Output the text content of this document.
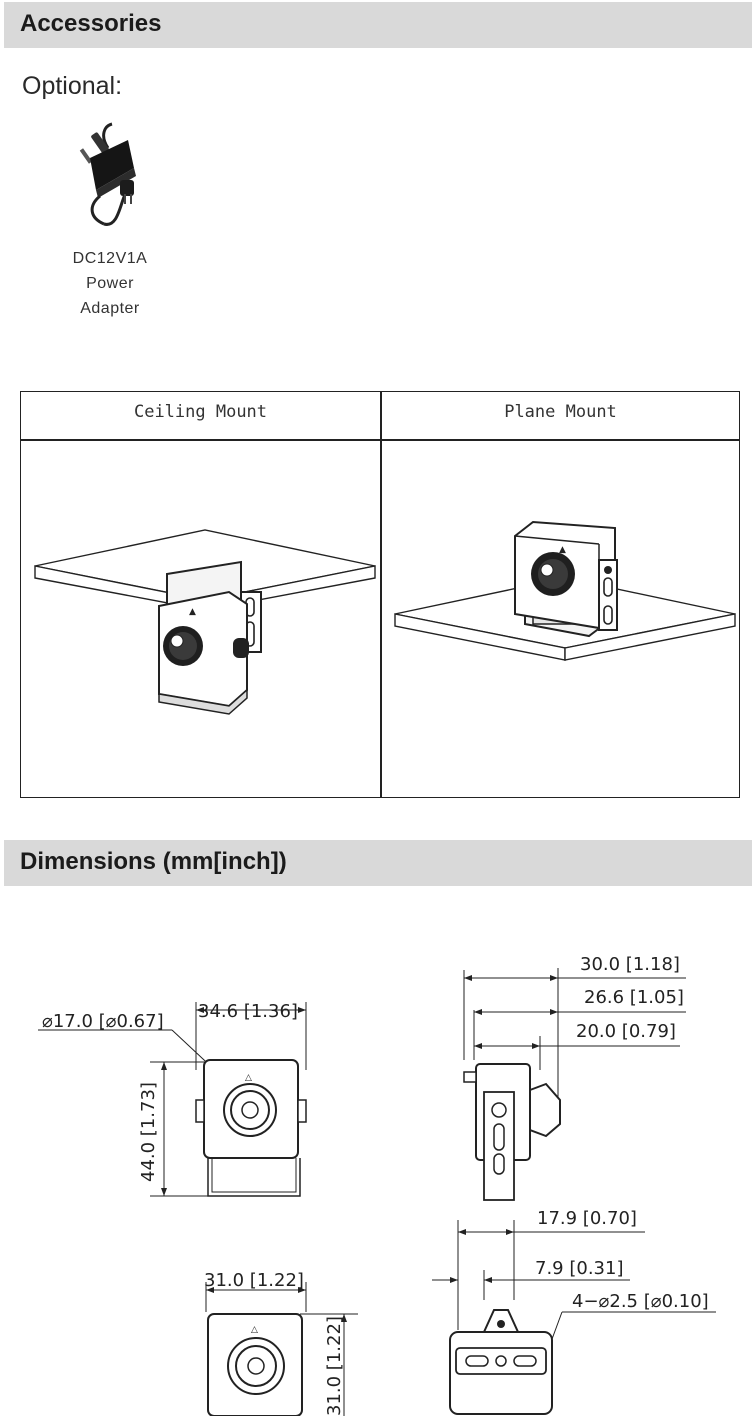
Accessories
Optional:
DC12V1A
Power
Adapter
Ceiling Mount	Plane Mount
▲
▲
Dimensions (mm[inch])
△
⌀17.0 [⌀0.67] 34.6 [1.36]
44.0 [1.73]
30.0 [1.18]
26.6 [1.05]
20.0 [0.79]
17.9 [0.70]
7.9 [0.31]
4−⌀2.5 [⌀0.10]
△
31.0 [1.22]
31.0 [1.22]
